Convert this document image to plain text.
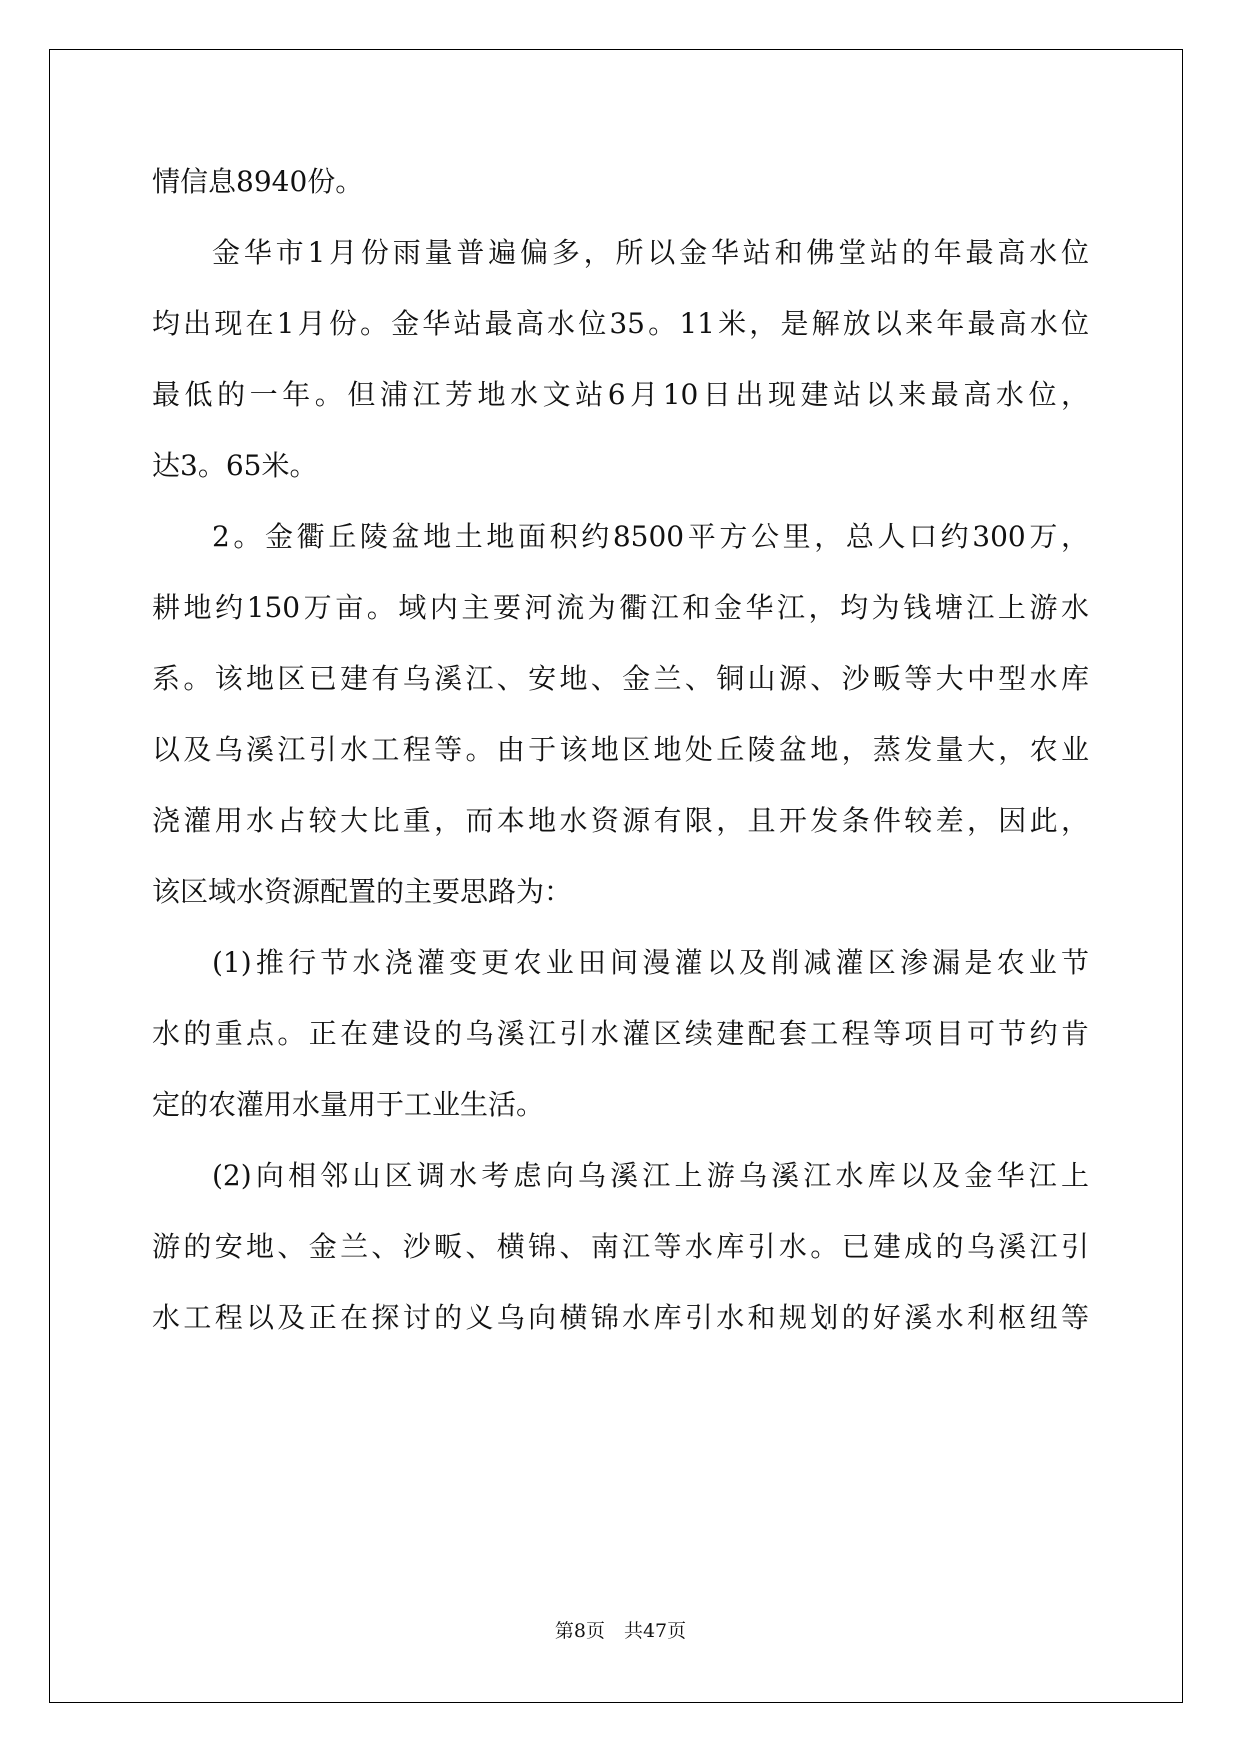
情信息8940份。
金华市1月份雨量普遍偏多，所以金华站和佛堂站的年最高水位
均出现在1月份。金华站最高水位35。11米，是解放以来年最高水位
最低的一年。但浦江芳地水文站6月10日出现建站以来最高水位，
达3。65米。
2。金衢丘陵盆地土地面积约8500平方公里，总人口约300万，
耕地约150万亩。域内主要河流为衢江和金华江，均为钱塘江上游水
系。该地区已建有乌溪江、安地、金兰、铜山源、沙畈等大中型水库
以及乌溪江引水工程等。由于该地区地处丘陵盆地，蒸发量大，农业
浇灌用水占较大比重，而本地水资源有限，且开发条件较差，因此，
该区域水资源配置的主要思路为：
(1)推行节水浇灌变更农业田间漫灌以及削减灌区渗漏是农业节
水的重点。正在建设的乌溪江引水灌区续建配套工程等项目可节约肯
定的农灌用水量用于工业生活。
(2)向相邻山区调水考虑向乌溪江上游乌溪江水库以及金华江上
游的安地、金兰、沙畈、横锦、南江等水库引水。已建成的乌溪江引
水工程以及正在探讨的义乌向横锦水库引水和规划的好溪水利枢纽等
第8页　共47页
